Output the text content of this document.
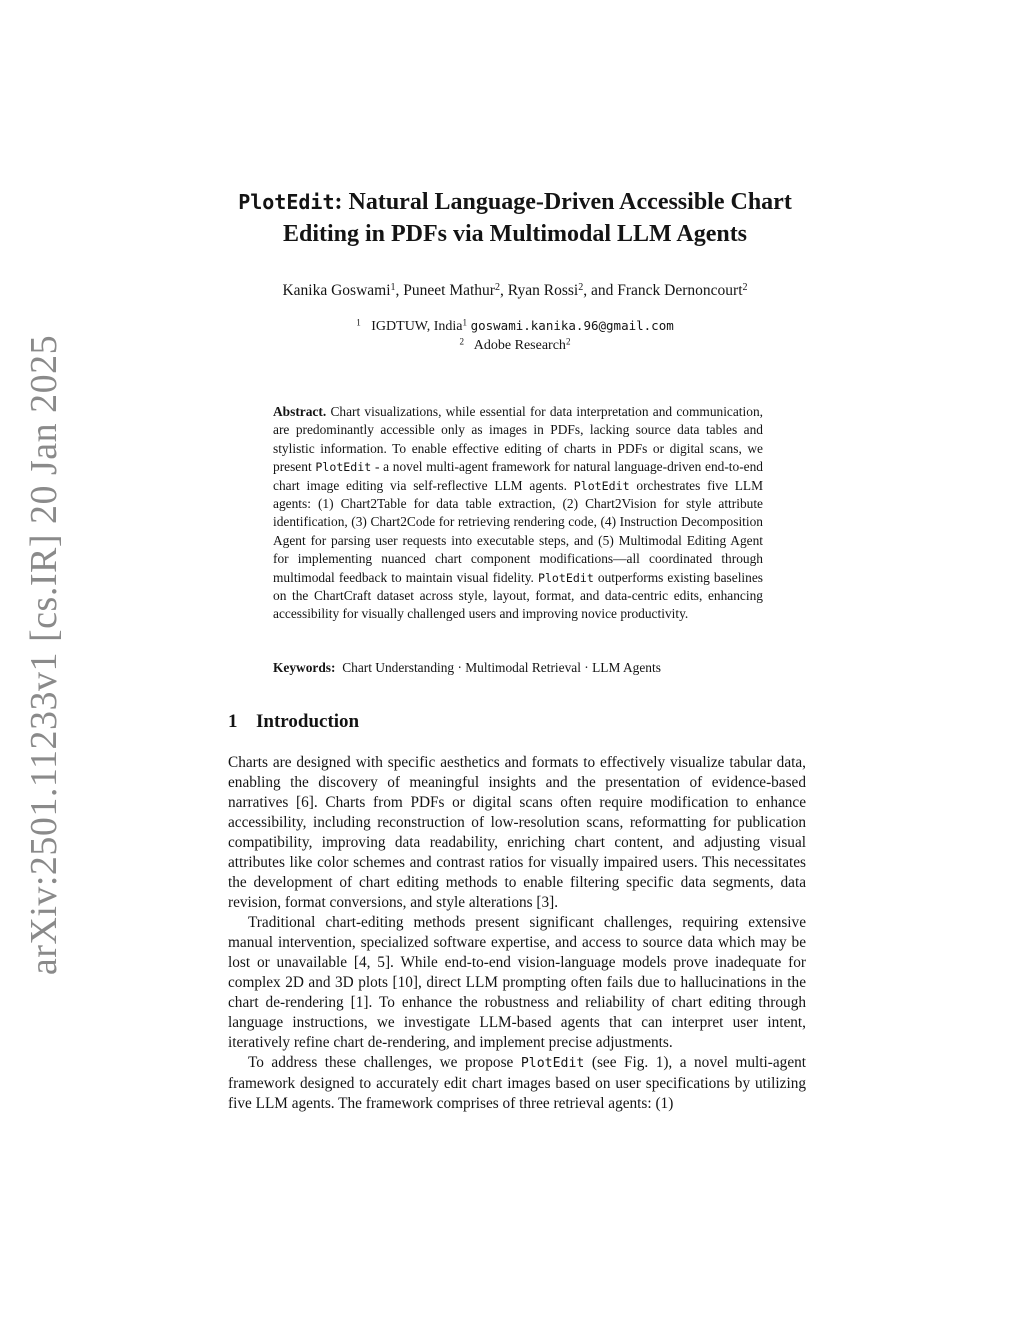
arXiv:2501.11233v1 [cs.IR] 20 Jan 2025
PlotEdit: Natural Language-Driven Accessible Chart Editing in PDFs via Multimodal LLM Agents
Kanika Goswami$^1$, Puneet Mathur$^2$, Ryan Rossi$^2$, and Franck Dernoncourt$^2$
$^1$ IGDTUW, India$^1$ goswami.kanika.96@gmail.com
$^2$ Adobe Research$^2$

Abstract. Chart visualizations, while essential for data interpretation and communication, are predominantly accessible only as images in PDFs, lacking source data tables and stylistic information. To enable effective editing of charts in PDFs or digital scans, we present PlotEdit - a novel multi-agent framework for natural language-driven end-to-end chart image editing via self-reflective LLM agents. PlotEdit orchestrates five LLM agents: (1) Chart2Table for data table extraction, (2) Chart2Vision for style attribute identification, (3) Chart2Code for retrieving rendering code, (4) Instruction Decomposition Agent for parsing user requests into executable steps, and (5) Multimodal Editing Agent for implementing nuanced chart component modifications—all coordinated through multimodal feedback to maintain visual fidelity. PlotEdit outperforms existing baselines on the ChartCraft dataset across style, layout, format, and data-centric edits, enhancing accessibility for visually challenged users and improving novice productivity.

Keywords: Chart Understanding · Multimodal Retrieval · LLM Agents

1 Introduction

Charts are designed with specific aesthetics and formats to effectively visualize tabular data, enabling the discovery of meaningful insights and the presentation of evidence-based narratives [6]. Charts from PDFs or digital scans often require modification to enhance accessibility, including reconstruction of low-resolution scans, reformatting for publication compatibility, improving data readability, enriching chart content, and adjusting visual attributes like color schemes and contrast ratios for visually impaired users. This necessitates the development of chart editing methods to enable filtering specific data segments, data revision, format conversions, and style alterations [3].

Traditional chart-editing methods present significant challenges, requiring extensive manual intervention, specialized software expertise, and access to source data which may be lost or unavailable [4, 5]. While end-to-end vision-language models prove inadequate for complex 2D and 3D plots [10], direct LLM prompting often fails due to hallucinations in the chart de-rendering [1]. To enhance the robustness and reliability of chart editing through language instructions, we investigate LLM-based agents that can interpret user intent, iteratively refine chart de-rendering, and implement precise adjustments.

To address these challenges, we propose PlotEdit (see Fig. 1), a novel multi-agent framework designed to accurately edit chart images based on user specifications by utilizing five LLM agents. The framework comprises of three retrieval agents: (1)
